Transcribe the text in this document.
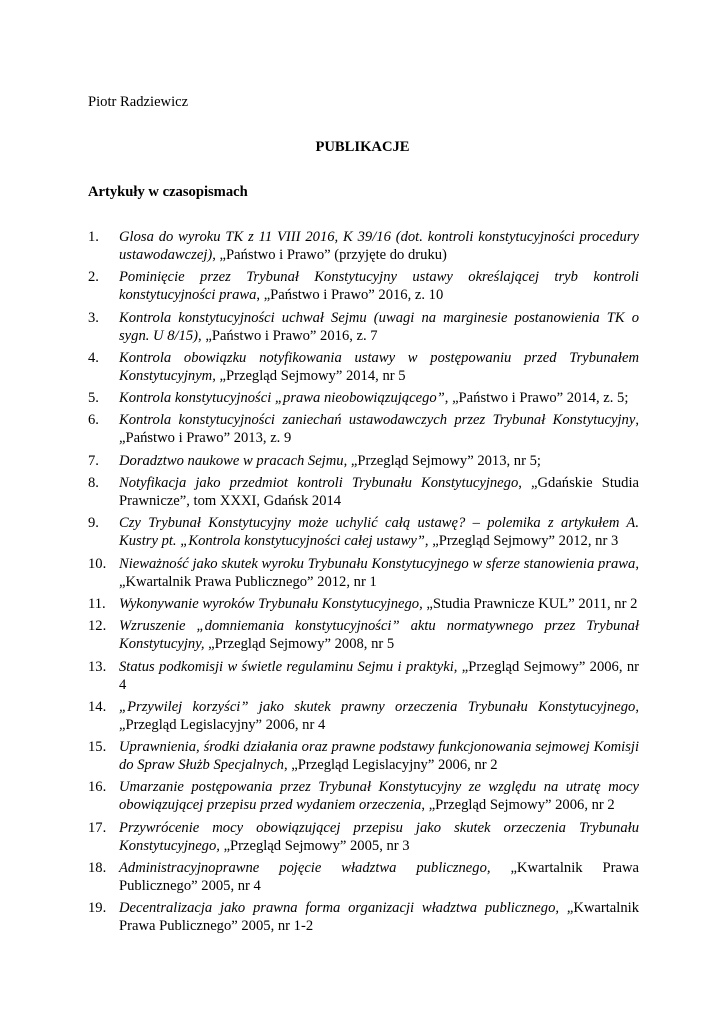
Piotr Radziewicz
PUBLIKACJE
Artykuły w czasopismach
1. Glosa do wyroku TK z 11 VIII 2016, K 39/16 (dot. kontroli konstytucyjności procedury ustawodawczej), „Państwo i Prawo” (przyjęte do druku)
2. Pominięcie przez Trybunał Konstytucyjny ustawy określającej tryb kontroli konstytucyjności prawa, „Państwo i Prawo” 2016, z. 10
3. Kontrola konstytucyjności uchwał Sejmu (uwagi na marginesie postanowienia TK o sygn. U 8/15), „Państwo i Prawo” 2016, z. 7
4. Kontrola obowiązku notyfikowania ustawy w postępowaniu przed Trybunałem Konstytucyjnym, „Przegląd Sejmowy” 2014, nr 5
5. Kontrola konstytucyjności „prawa nieobowiązującego”, „Państwo i Prawo” 2014, z. 5;
6. Kontrola konstytucyjności zaniechań ustawodawczych przez Trybunał Konstytucyjny, „Państwo i Prawo” 2013, z. 9
7. Doradztwo naukowe w pracach Sejmu, „Przegląd Sejmowy” 2013, nr 5;
8. Notyfikacja jako przedmiot kontroli Trybunału Konstytucyjnego, „Gdańskie Studia Prawnicze”, tom XXXI, Gdańsk 2014
9. Czy Trybunał Konstytucyjny może uchylić całą ustawę? – polemika z artykułem A. Kustry pt. „Kontrola konstytucyjności całej ustawy”, „Przegląd Sejmowy” 2012, nr 3
10. Nieważność jako skutek wyroku Trybunału Konstytucyjnego w sferze stanowienia prawa, „Kwartalnik Prawa Publicznego” 2012, nr 1
11. Wykonywanie wyroków Trybunału Konstytucyjnego, „Studia Prawnicze KUL” 2011, nr 2
12. Wzruszenie „domniemania konstytucyjności” aktu normatywnego przez Trybunał Konstytucyjny, „Przegląd Sejmowy” 2008, nr 5
13. Status podkomisji w świetle regulaminu Sejmu i praktyki, „Przegląd Sejmowy” 2006, nr 4
14. „Przywilej korzyści” jako skutek prawny orzeczenia Trybunału Konstytucyjnego, „Przegląd Legislacyjny” 2006, nr 4
15. Uprawnienia, środki działania oraz prawne podstawy funkcjonowania sejmowej Komisji do Spraw Służb Specjalnych, „Przegląd Legislacyjny” 2006, nr 2
16. Umarzanie postępowania przez Trybunał Konstytucyjny ze względu na utratę mocy obowiązującej przepisu przed wydaniem orzeczenia, „Przegląd Sejmowy” 2006, nr 2
17. Przywrócenie mocy obowiązującej przepisu jako skutek orzeczenia Trybunału Konstytucyjnego, „Przegląd Sejmowy” 2005, nr 3
18. Administracyjnoprawne pojęcie władztwa publicznego, „Kwartalnik Prawa Publicznego” 2005, nr 4
19. Decentralizacja jako prawna forma organizacji władztwa publicznego, „Kwartalnik Prawa Publicznego” 2005, nr 1-2
